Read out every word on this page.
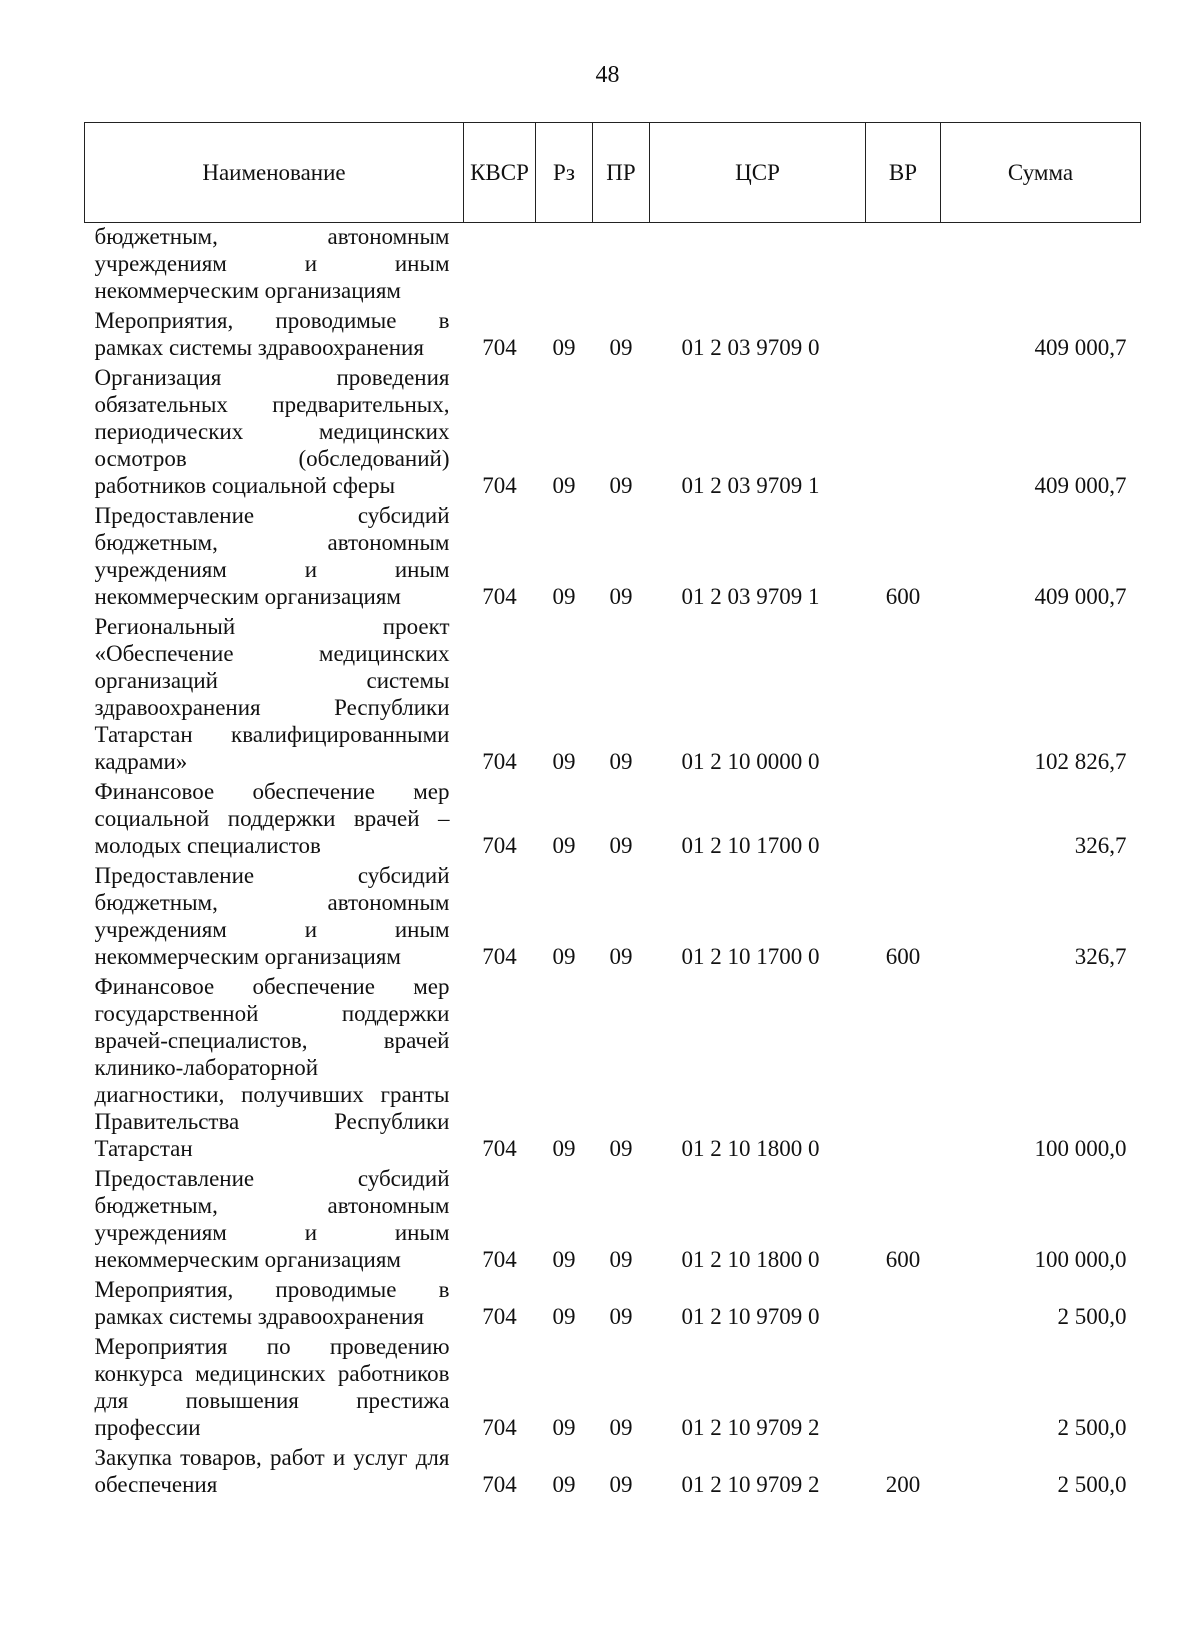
48
Наименование	КВСР	Рз	ПР	ЦСР	ВР	Сумма
бюджетным, автономным учреждениям и иным некоммерческим организациям						
Мероприятия, проводимые в рамках системы здравоохранения	704	09	09	01 2 03 9709 0		409 000,7
Организация проведения обязательных предварительных, периодических медицинских осмотров (обследований) работников социальной сферы	704	09	09	01 2 03 9709 1		409 000,7
Предоставление субсидий бюджетным, автономным учреждениям и иным некоммерческим организациям	704	09	09	01 2 03 9709 1	600	409 000,7
Региональный проект «Обеспечение медицинских организаций системы здравоохранения Республики Татарстан квалифицированными кадрами»	704	09	09	01 2 10 0000 0		102 826,7
Финансовое обеспечение мер социальной поддержки врачей – молодых специалистов	704	09	09	01 2 10 1700 0		326,7
Предоставление субсидий бюджетным, автономным учреждениям и иным некоммерческим организациям	704	09	09	01 2 10 1700 0	600	326,7
Финансовое обеспечение мер государственной поддержки врачей-специалистов, врачей клинико-лабораторной диагностики, получивших гранты Правительства Республики Татарстан	704	09	09	01 2 10 1800 0		100 000,0
Предоставление субсидий бюджетным, автономным учреждениям и иным некоммерческим организациям	704	09	09	01 2 10 1800 0	600	100 000,0
Мероприятия, проводимые в рамках системы здравоохранения	704	09	09	01 2 10 9709 0		2 500,0
Мероприятия по проведению конкурса медицинских работников для повышения престижа профессии	704	09	09	01 2 10 9709 2		2 500,0
Закупка товаров, работ и услуг для обеспечения	704	09	09	01 2 10 9709 2	200	2 500,0
